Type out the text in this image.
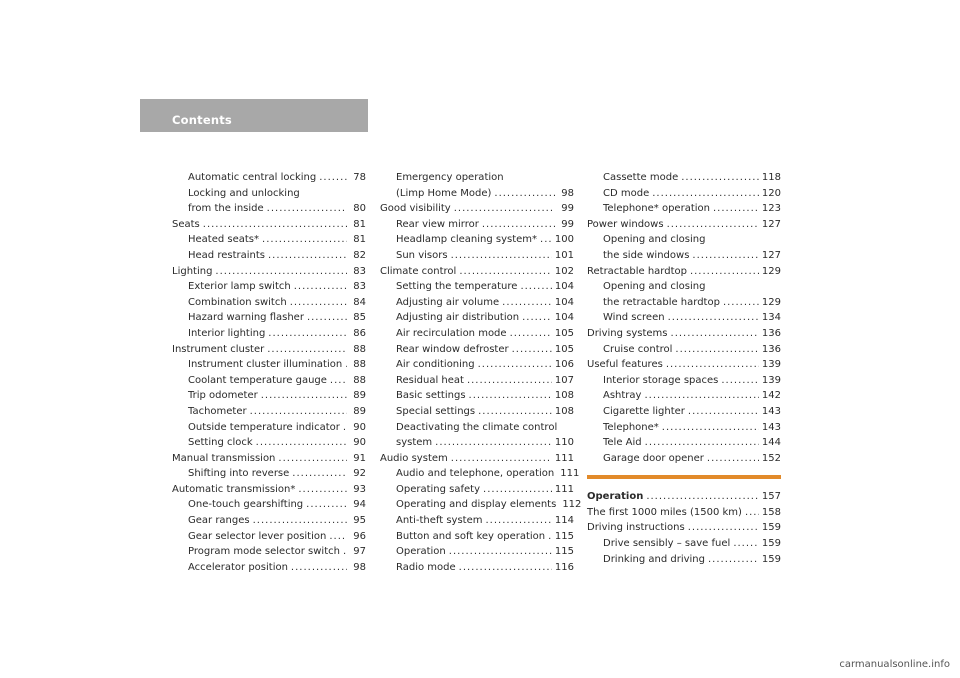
Contents
Automatic central locking .....	78
Locking and unlocking
from the inside .....	80
Seats .....	81
Heated seats* .....	81
Head restraints .....	82
Lighting .....	83
Exterior lamp switch .....	83
Combination switch .....	84
Hazard warning flasher .....	85
Interior lighting .....	86
Instrument cluster .....	88
Instrument cluster illumination .....	88
Coolant temperature gauge .....	88
Trip odometer .....	89
Tachometer .....	89
Outside temperature indicator .....	90
Setting clock .....	90
Manual transmission .....	91
Shifting into reverse .....	92
Automatic transmission* .....	93
One-touch gearshifting .....	94
Gear ranges .....	95
Gear selector lever position .....	96
Program mode selector switch .....	97
Accelerator position .....	98
Emergency operation
(Limp Home Mode) .....	98
Good visibility .....	99
Rear view mirror .....	99
Headlamp cleaning system* ..... 100
Sun visors .....	101
Climate control .....	102
Setting the temperature .....	104
Adjusting air volume .....	104
Adjusting air distribution .....	104
Air recirculation mode .....	105
Rear window defroster .....	105
Air conditioning .....	106
Residual heat .....	107
Basic settings .....	108
Special settings .....	108
Deactivating the climate control
system .....	110
Audio system .....	111
Audio and telephone, operation 111
Operating safety .....	111
Operating and display elements 112
Anti-theft system .....	114
Button and soft key operation ..... 115
Operation .....	115
Radio mode .....	116
Cassette mode .....	118
CD mode .....	120
Telephone* operation .....	123
Power windows .....	127
Opening and closing
the side windows .....	127
Retractable hardtop .....	129
Opening and closing
the retractable hardtop .....	129
Wind screen .....	134
Driving systems .....	136
Cruise control .....	136
Useful features .....	139
Interior storage spaces .....	139
Ashtray .....	142
Cigarette lighter .....	143
Telephone* .....	143
Tele Aid .....	144
Garage door opener .....	152
Operation .....	157
The first 1000 miles (1500 km) ..... 158
Driving instructions .....	159
Drive sensibly – save fuel .....	159
Drinking and driving .....	159
carmanualsonline.info
